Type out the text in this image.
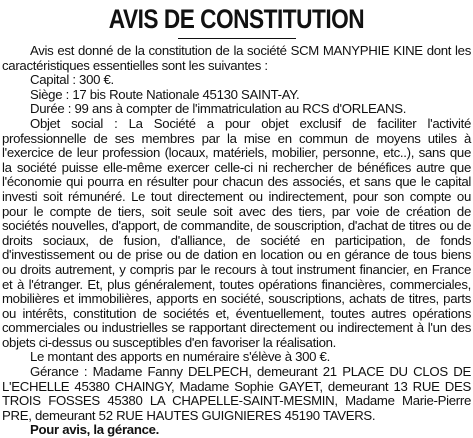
AVIS DE CONSTITUTION

Avis est donné de la constitution de la société SCM MANYPHIE KINE dont les caractéristiques essentielles sont les suivantes :

Capital : 300 €.

Siège : 17 bis Route Nationale 45130 SAINT-AY.

Durée : 99 ans à compter de l'immatriculation au RCS d'ORLEANS.

Objet social : La Société a pour objet exclusif de faciliter l'activité professionnelle de ses membres par la mise en commun de moyens utiles à l'exercice de leur profession (locaux, matériels, mobilier, personne, etc..), sans que la société puisse elle-même exercer celle-ci ni rechercher de bénéfices autre que l'économie qui pourra en résulter pour chacun des associés, et sans que le capital investi soit rémunéré. Le tout directement ou indirectement, pour son compte ou pour le compte de tiers, soit seule soit avec des tiers, par voie de création de sociétés nouvelles, d'apport, de commandite, de souscription, d'achat de titres ou de droits sociaux, de fusion, d'alliance, de société en participation, de fonds d'investissement ou de prise ou de dation en location ou en gérance de tous biens ou droits autrement, y compris par le recours à tout instrument financier, en France et à l'étranger. Et, plus généralement, toutes opérations financières, commerciales, mobilières et immobilières, apports en société, souscriptions, achats de titres, parts ou intérêts, constitution de sociétés et, éventuellement, toutes autres opérations commerciales ou industrielles se rapportant directement ou indirectement à l'un des objets ci-dessus ou susceptibles d'en favoriser la réalisation.

Le montant des apports en numéraire s'élève à 300 €.

Gérance : Madame Fanny DELPECH, demeurant 21 PLACE DU CLOS DE L'ECHELLE 45380 CHAINGY, Madame Sophie GAYET, demeurant 13 RUE DES TROIS FOSSES 45380 LA CHAPELLE-SAINT-MESMIN, Madame Marie-Pierre PRE, demeurant 52 RUE HAUTES GUIGNIERES 45190 TAVERS.

Pour avis, la gérance.
